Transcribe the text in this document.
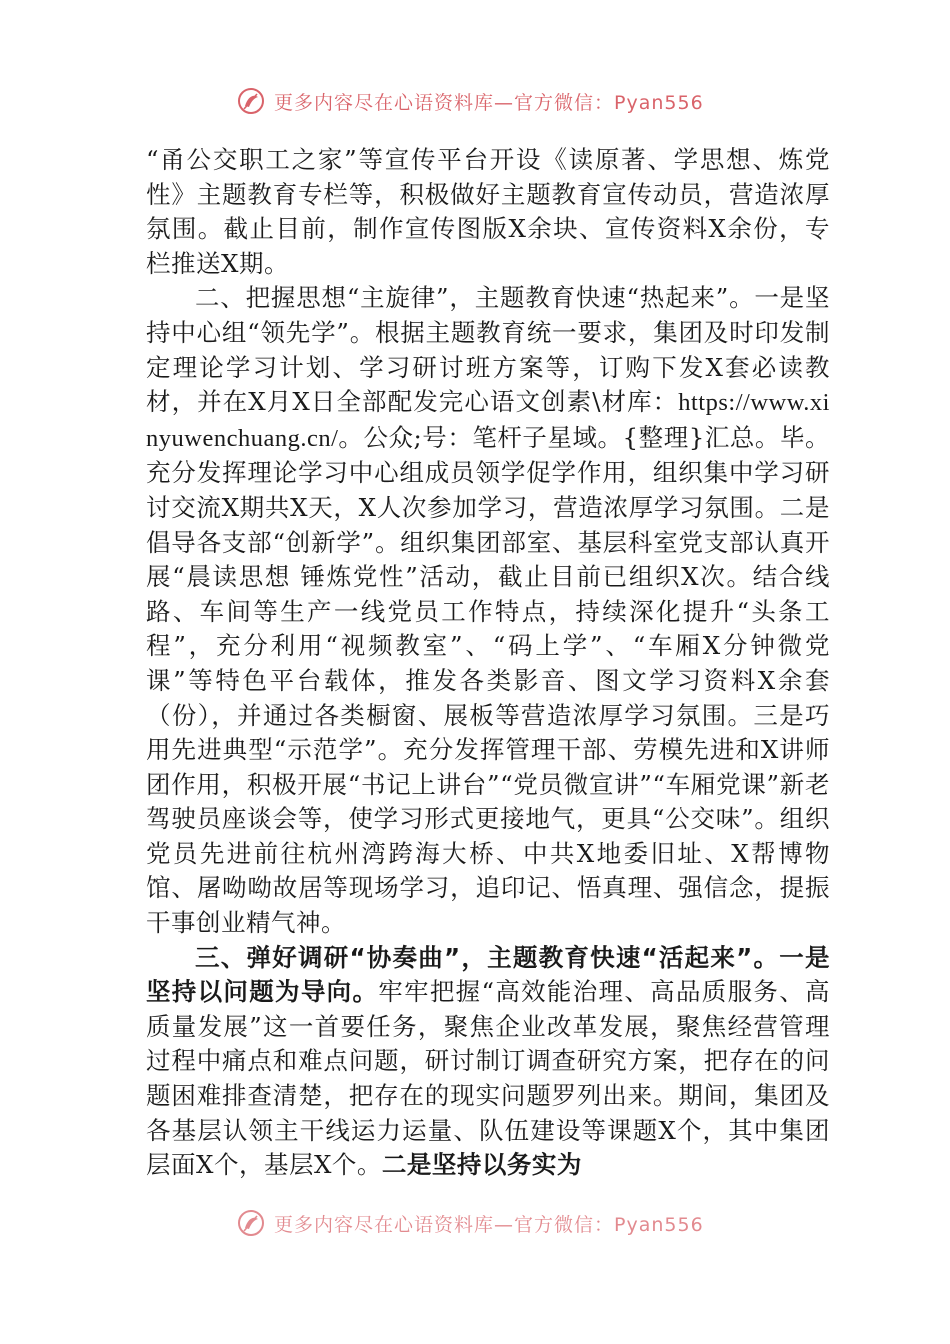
更多内容尽在心语资料库—官方微信：Pyan556

“甬公交职工之家”等宣传平台开设《读原著、学思想、炼党性》主题教育专栏等，积极做好主题教育宣传动员，营造浓厚氛围。截止目前，制作宣传图版X余块、宣传资料X余份，专栏推送X期。

二、把握思想“主旋律”，主题教育快速“热起来”。一是坚持中心组“领先学”。根据主题教育统一要求，集团及时印发制定理论学习计划、学习研讨班方案等，订购下发X套必读教材，并在X月X日全部配发完心语文创素\材库：https://www.xinyuwenchuang.cn/。公众;号：笔杆子星域。{整理}汇总。毕。充分发挥理论学习中心组成员领学促学作用，组织集中学习研讨交流X期共X天，X人次参加学习，营造浓厚学习氛围。二是倡导各支部“创新学”。组织集团部室、基层科室党支部认真开展“晨读思想 锤炼党性”活动，截止目前已组织X次。结合线路、车间等生产一线党员工作特点，持续深化提升“头条工程”，充分利用“视频教室”、“码上学”、“车厢X分钟微党课”等特色平台载体，推发各类影音、图文学习资料X余套（份），并通过各类橱窗、展板等营造浓厚学习氛围。三是巧用先进典型“示范学”。充分发挥管理干部、劳模先进和X讲师团作用，积极开展“书记上讲台”“党员微宣讲”“车厢党课”新老驾驶员座谈会等，使学习形式更接地气，更具“公交味”。组织党员先进前往杭州湾跨海大桥、中共X地委旧址、X帮博物馆、屠呦呦故居等现场学习，追印记、悟真理、强信念，提振干事创业精气神。

三、弹好调研“协奏曲”，主题教育快速“活起来”。一是坚持以问题为导向。牢牢把握“高效能治理、高品质服务、高质量发展”这一首要任务，聚焦企业改革发展，聚焦经营管理过程中痛点和难点问题，研讨制订调查研究方案，把存在的问题困难排查清楚，把存在的现实问题罗列出来。期间，集团及各基层认领主干线运力运量、队伍建设等课题X个，其中集团层面X个，基层X个。二是坚持以务实为

更多内容尽在心语资料库—官方微信：Pyan556
